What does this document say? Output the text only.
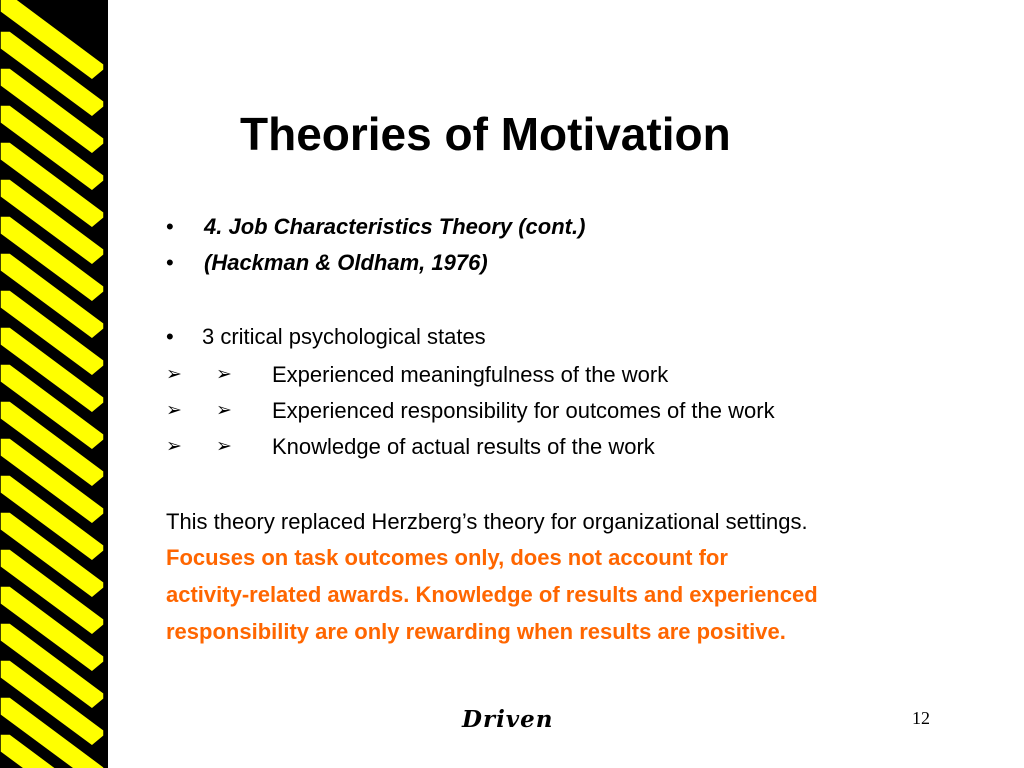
Theories of Motivation
• 4. Job Characteristics Theory (cont.)
• (Hackman & Oldham, 1976)
• 3 critical psychological states
➢ ➢ Experienced meaningfulness of the work
➢ ➢ Experienced responsibility for outcomes of the work
➢ ➢ Knowledge of actual results of the work
This theory replaced Herzberg’s theory for organizational settings.
Focuses on task outcomes only, does not account for
activity-related awards. Knowledge of results and experienced
responsibility are only rewarding when results are positive.
Driven	12
